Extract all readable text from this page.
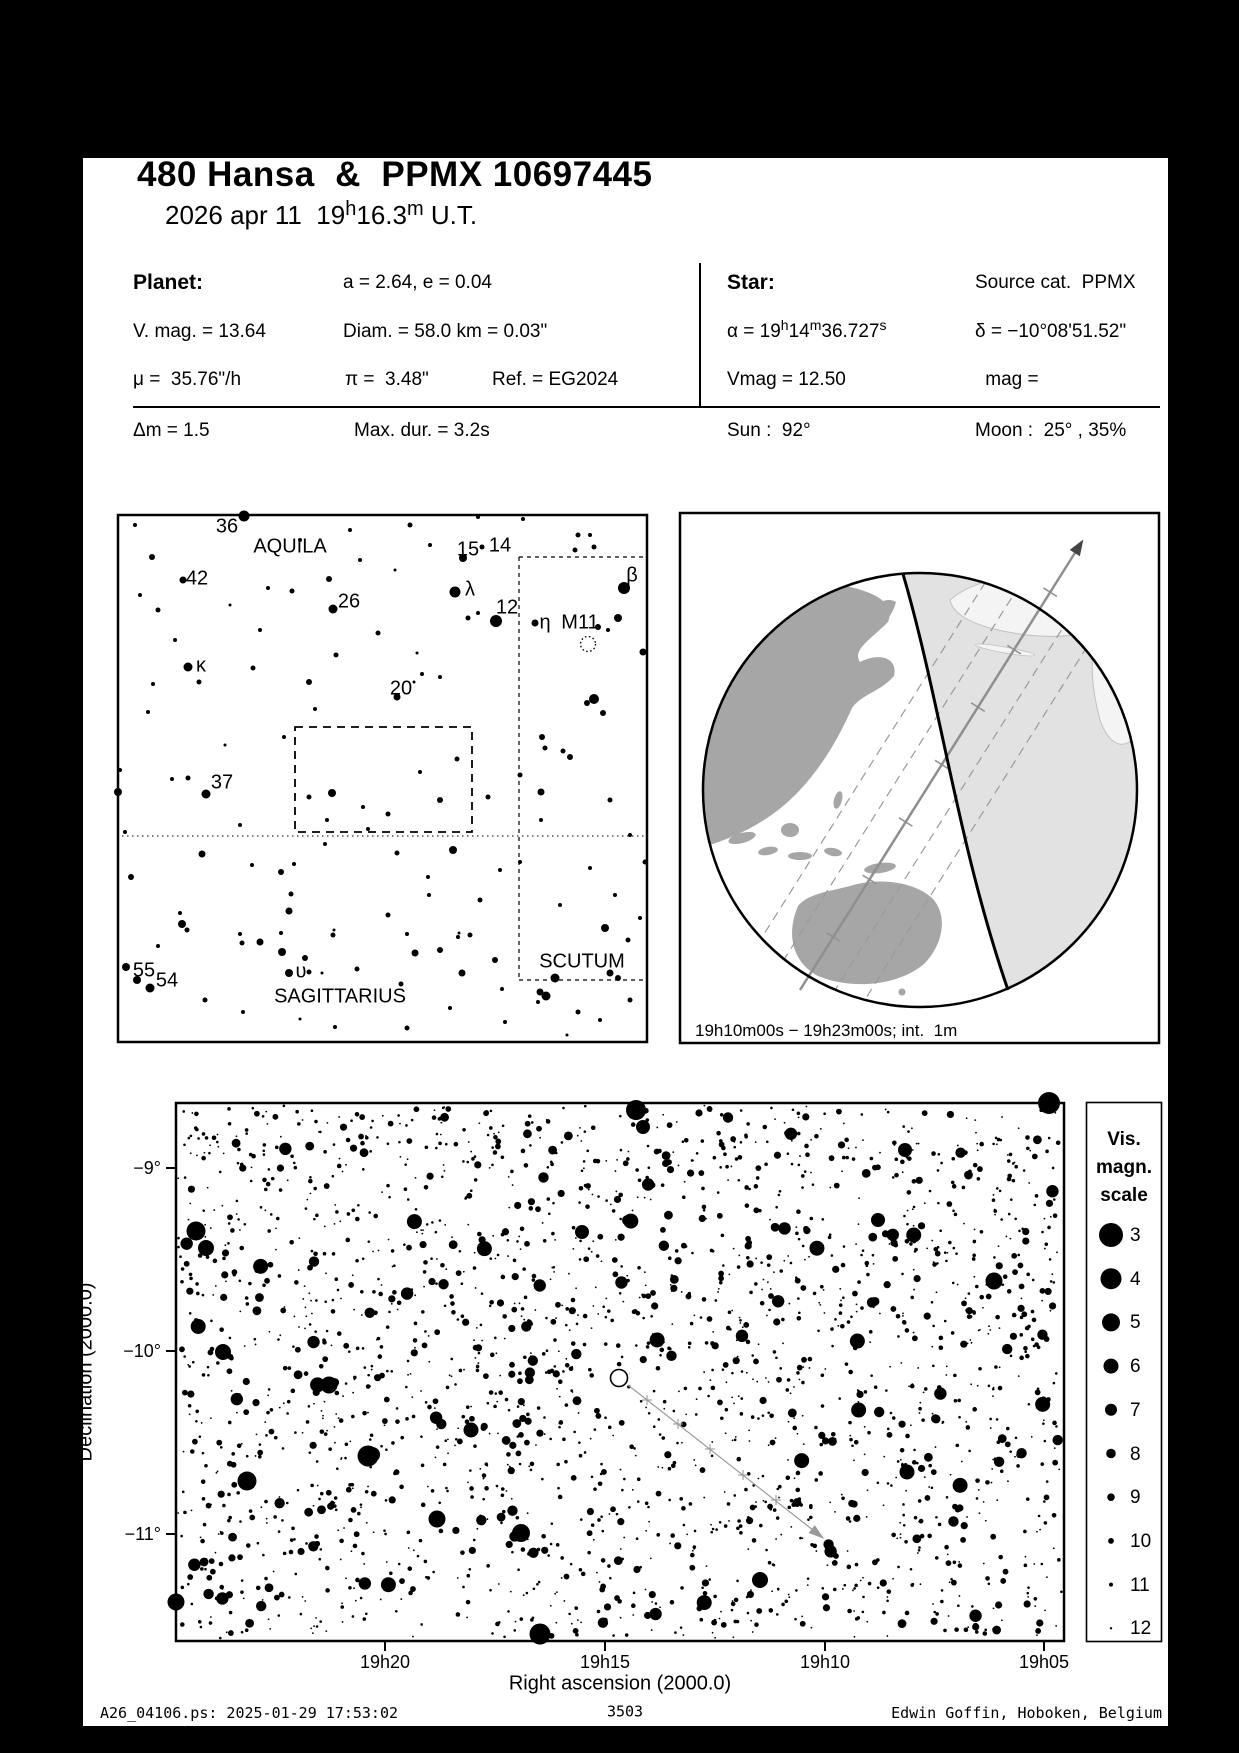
480 Hansa  &  PPMX 10697445
2026 apr 11  19$^h$16.3$^m$ U.T.
Planet:	a = 2.64, e = 0.04	Star:	Source cat.  PPMX
V. mag. = 13.64	Diam. = 58.0 km = 0.03"	$\alpha = 19^h14^m36.727^s$	δ = −10°08'51.52"
μ =  35.76"/h	π =  3.48"	Ref. = EG2024	Vmag = 12.50	mag =
Δm = 1.5	Max. dur. = 3.2s	Sun :  92°	Moon :  25° , 35%
36
AQUILA
42
15 14
λ
26	12
η M11
β
κ
20
37
55 54	υ
SAGITTARIUS
SCUTUM
19h10m00s − 19h23m00s; int.  1m
Declination (2000.0)
Right ascension (2000.0)
−9°
−10°
−11°
19h20	19h15	19h10	19h05
Vis.
magn.
scale
3
4
5
6
7
8
9
10
11
12
A26_04106.ps: 2025-01-29 17:53:02	3503	Edwin Goffin, Hoboken, Belgium
